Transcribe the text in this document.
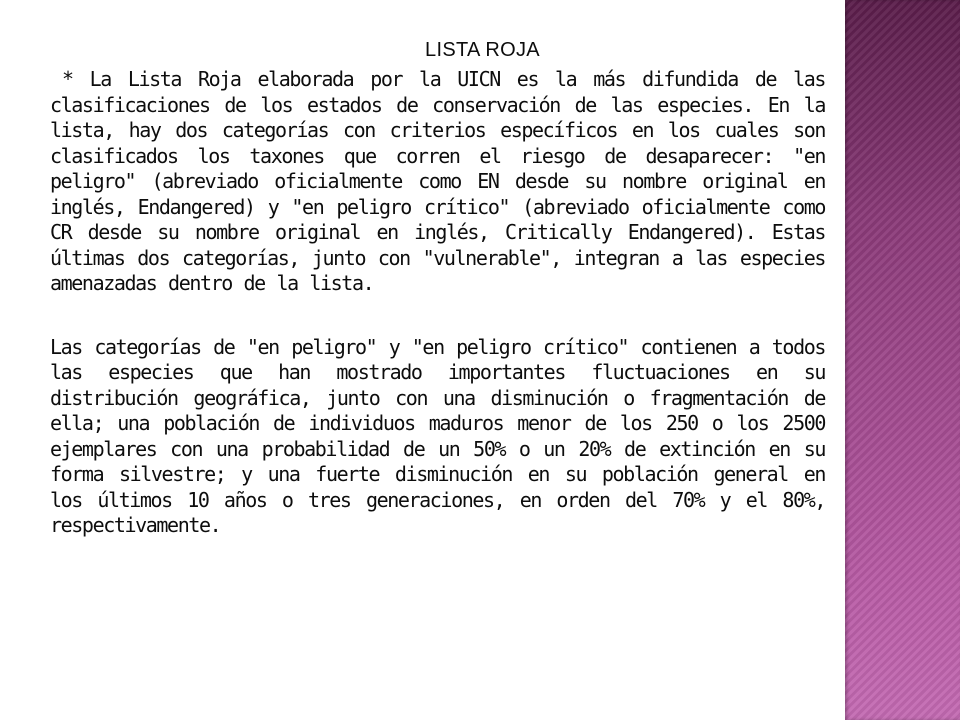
LISTA ROJA

* La Lista Roja elaborada por la UICN es la más difundida de las clasificaciones de los estados de conservación de las especies. En la lista, hay dos categorías con criterios específicos en los cuales son clasificados los taxones que corren el riesgo de desaparecer: "en peligro" (abreviado oficialmente como EN desde su nombre original en inglés, Endangered) y "en peligro crítico" (abreviado oficialmente como CR desde su nombre original en inglés, Critically Endangered). Estas últimas dos categorías, junto con "vulnerable", integran a las especies amenazadas dentro de la lista.

Las categorías de "en peligro" y "en peligro crítico" contienen a todos las especies que han mostrado importantes fluctuaciones en su distribución geográfica, junto con una disminución o fragmentación de ella; una población de individuos maduros menor de los 250 o los 2500 ejemplares con una probabilidad de un 50% o un 20% de extinción en su forma silvestre; y una fuerte disminución en su población general en los últimos 10 años o tres generaciones, en orden del 70% y el 80%, respectivamente.
